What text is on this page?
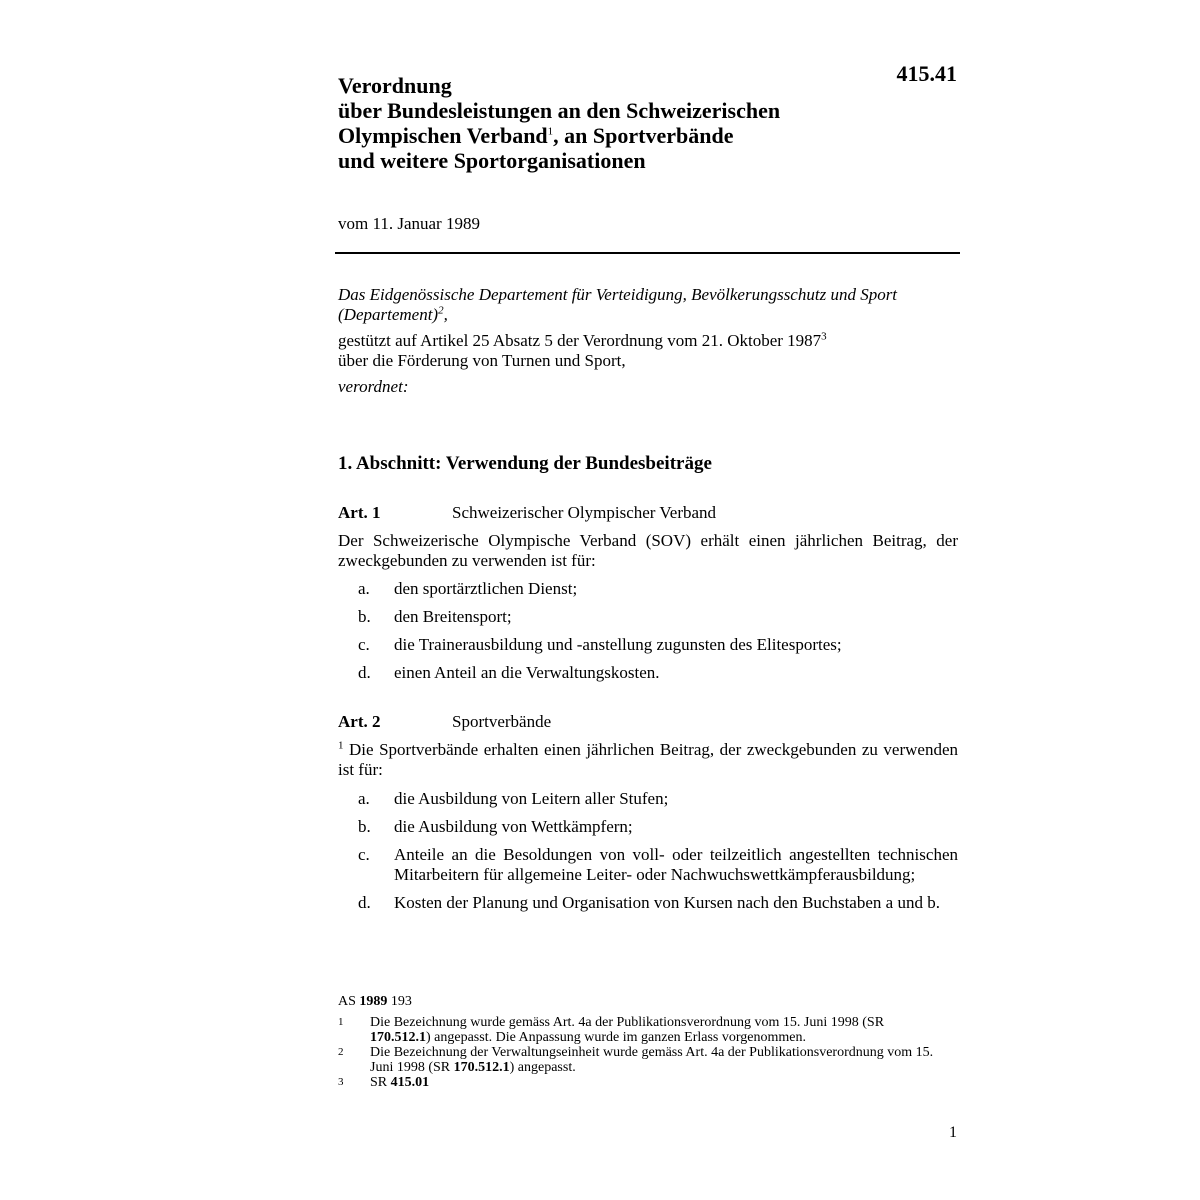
415.41
Verordnung
über Bundesleistungen an den Schweizerischen
Olympischen Verband$^1$, an Sportverbände
und weitere Sportorganisationen
vom 11. Januar 1989
Das Eidgenössische Departement für Verteidigung, Bevölkerungsschutz und Sport (Departement)$^2$,
gestützt auf Artikel 25 Absatz 5 der Verordnung vom 21. Oktober 1987$^3$
über die Förderung von Turnen und Sport,
verordnet:
1. Abschnitt: Verwendung der Bundesbeiträge
Art. 1	Schweizerischer Olympischer Verband
Der Schweizerische Olympische Verband (SOV) erhält einen jährlichen Beitrag, der zweckgebunden zu verwenden ist für:
a. den sportärztlichen Dienst;
b. den Breitensport;
c. die Trainerausbildung und -anstellung zugunsten des Elitesportes;
d. einen Anteil an die Verwaltungskosten.
Art. 2	Sportverbände
$^1$ Die Sportverbände erhalten einen jährlichen Beitrag, der zweckgebunden zu verwenden ist für:
a. die Ausbildung von Leitern aller Stufen;
b. die Ausbildung von Wettkämpfern;
c. Anteile an die Besoldungen von voll- oder teilzeitlich angestellten technischen Mitarbeitern für allgemeine Leiter- oder Nachwuchswettkämpferausbildung;
d. Kosten der Planung und Organisation von Kursen nach den Buchstaben a und b.
AS 1989 193
1 Die Bezeichnung wurde gemäss Art. 4a der Publikationsverordnung vom 15. Juni 1998 (SR 170.512.1) angepasst. Die Anpassung wurde im ganzen Erlass vorgenommen.
2 Die Bezeichnung der Verwaltungseinheit wurde gemäss Art. 4a der Publikationsverordnung vom 15. Juni 1998 (SR 170.512.1) angepasst.
3 SR 415.01
1
